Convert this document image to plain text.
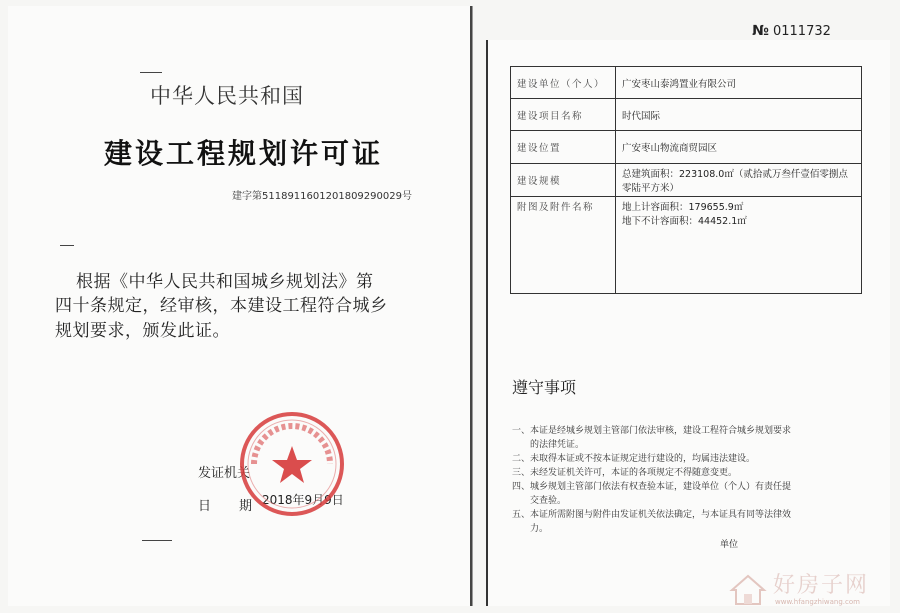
中华人民共和国
建设工程规划许可证
建字第5118911601201809290029号
根据《中华人民共和国城乡规划法》第
四十条规定，经审核，本建设工程符合城乡
规划要求，颁发此证。
发证机关
日期
2018年9月9日
№ 0111732
建设单位（个人）	广安枣山泰鸿置业有限公司
建设项目名称	时代国际
建设位置	广安枣山物流商贸园区
建设规模	总建筑面积：223108.0㎡（贰拾贰万叁仟壹佰零捌点零陆平方米）
附图及附件名称	地上计容面积：179655.9㎡
地下不计容面积：44452.1㎡
遵守事项
一、本证是经城乡规划主管部门依法审核，建设工程符合城乡规划要求
的法律凭证。
二、未取得本证或不按本证规定进行建设的，均属违法建设。
三、未经发证机关许可，本证的各项规定不得随意变更。
四、城乡规划主管部门依法有权查验本证，建设单位（个人）有责任提
交查验。
五、本证所需附图与附件由发证机关依法确定，与本证具有同等法律效
力。
单位
好房子网
www.hfangzhiwang.com
